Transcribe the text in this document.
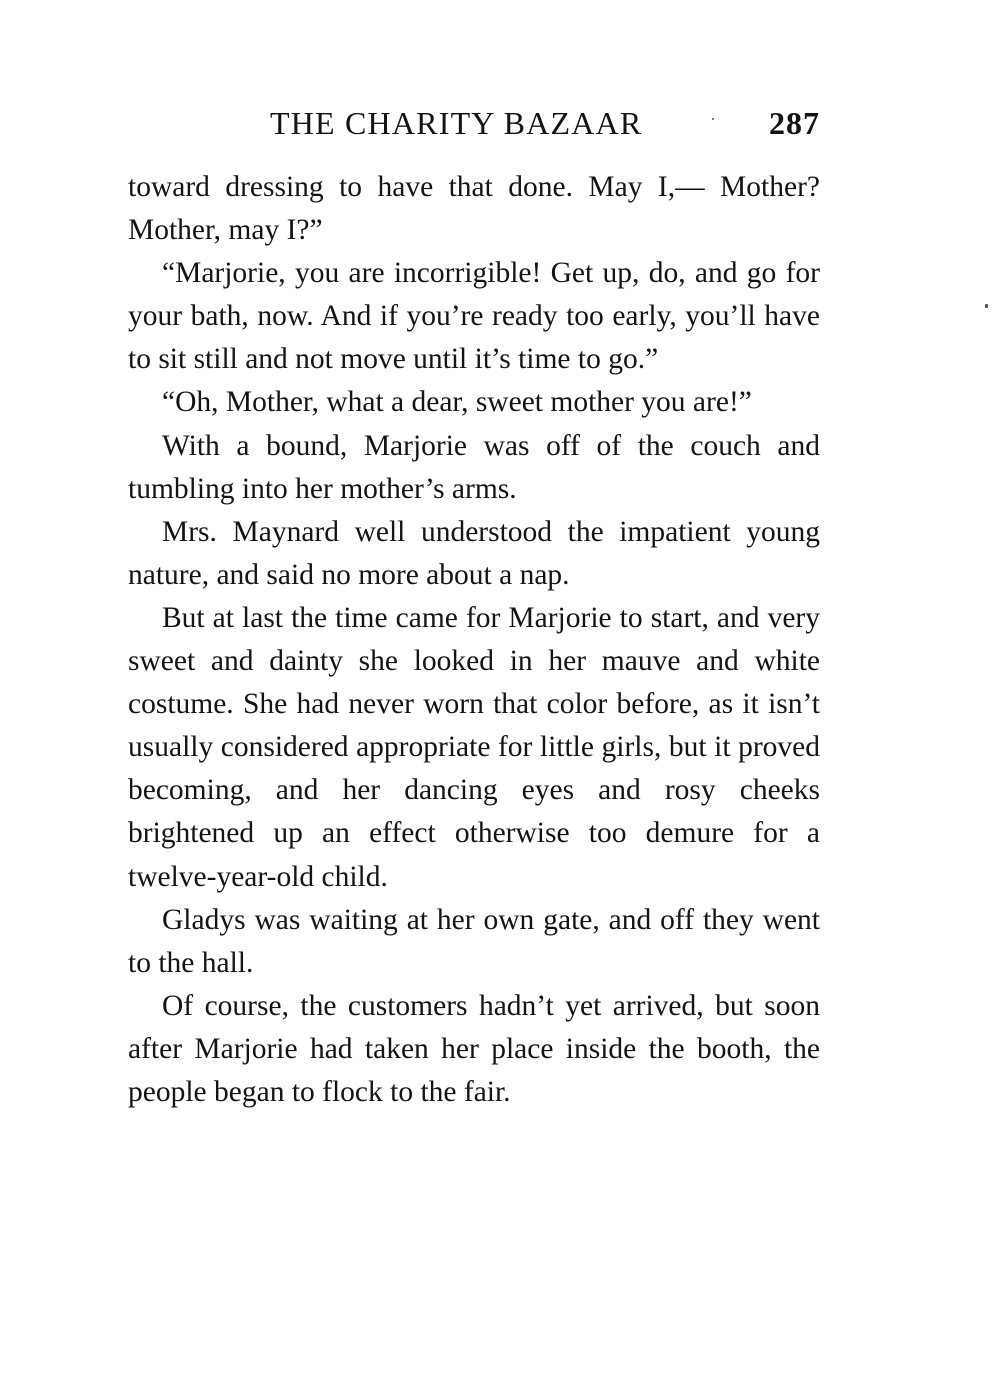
THE CHARITY BAZAAR	287

toward dressing to have that done. May I,— Mother? Mother, may I?”

“Marjorie, you are incorrigible! Get up, do, and go for your bath, now. And if you’re ready too early, you’ll have to sit still and not move until it’s time to go.”

“Oh, Mother, what a dear, sweet mother you are!”

With a bound, Marjorie was off of the couch and tumbling into her mother’s arms.

Mrs. Maynard well understood the impatient young nature, and said no more about a nap.

But at last the time came for Marjorie to start, and very sweet and dainty she looked in her mauve and white costume. She had never worn that color before, as it isn’t usually considered appropriate for little girls, but it proved becoming, and her dancing eyes and rosy cheeks brightened up an effect otherwise too demure for a twelve-year-old child.

Gladys was waiting at her own gate, and off they went to the hall.

Of course, the customers hadn’t yet arrived, but soon after Marjorie had taken her place inside the booth, the people began to flock to the fair.
